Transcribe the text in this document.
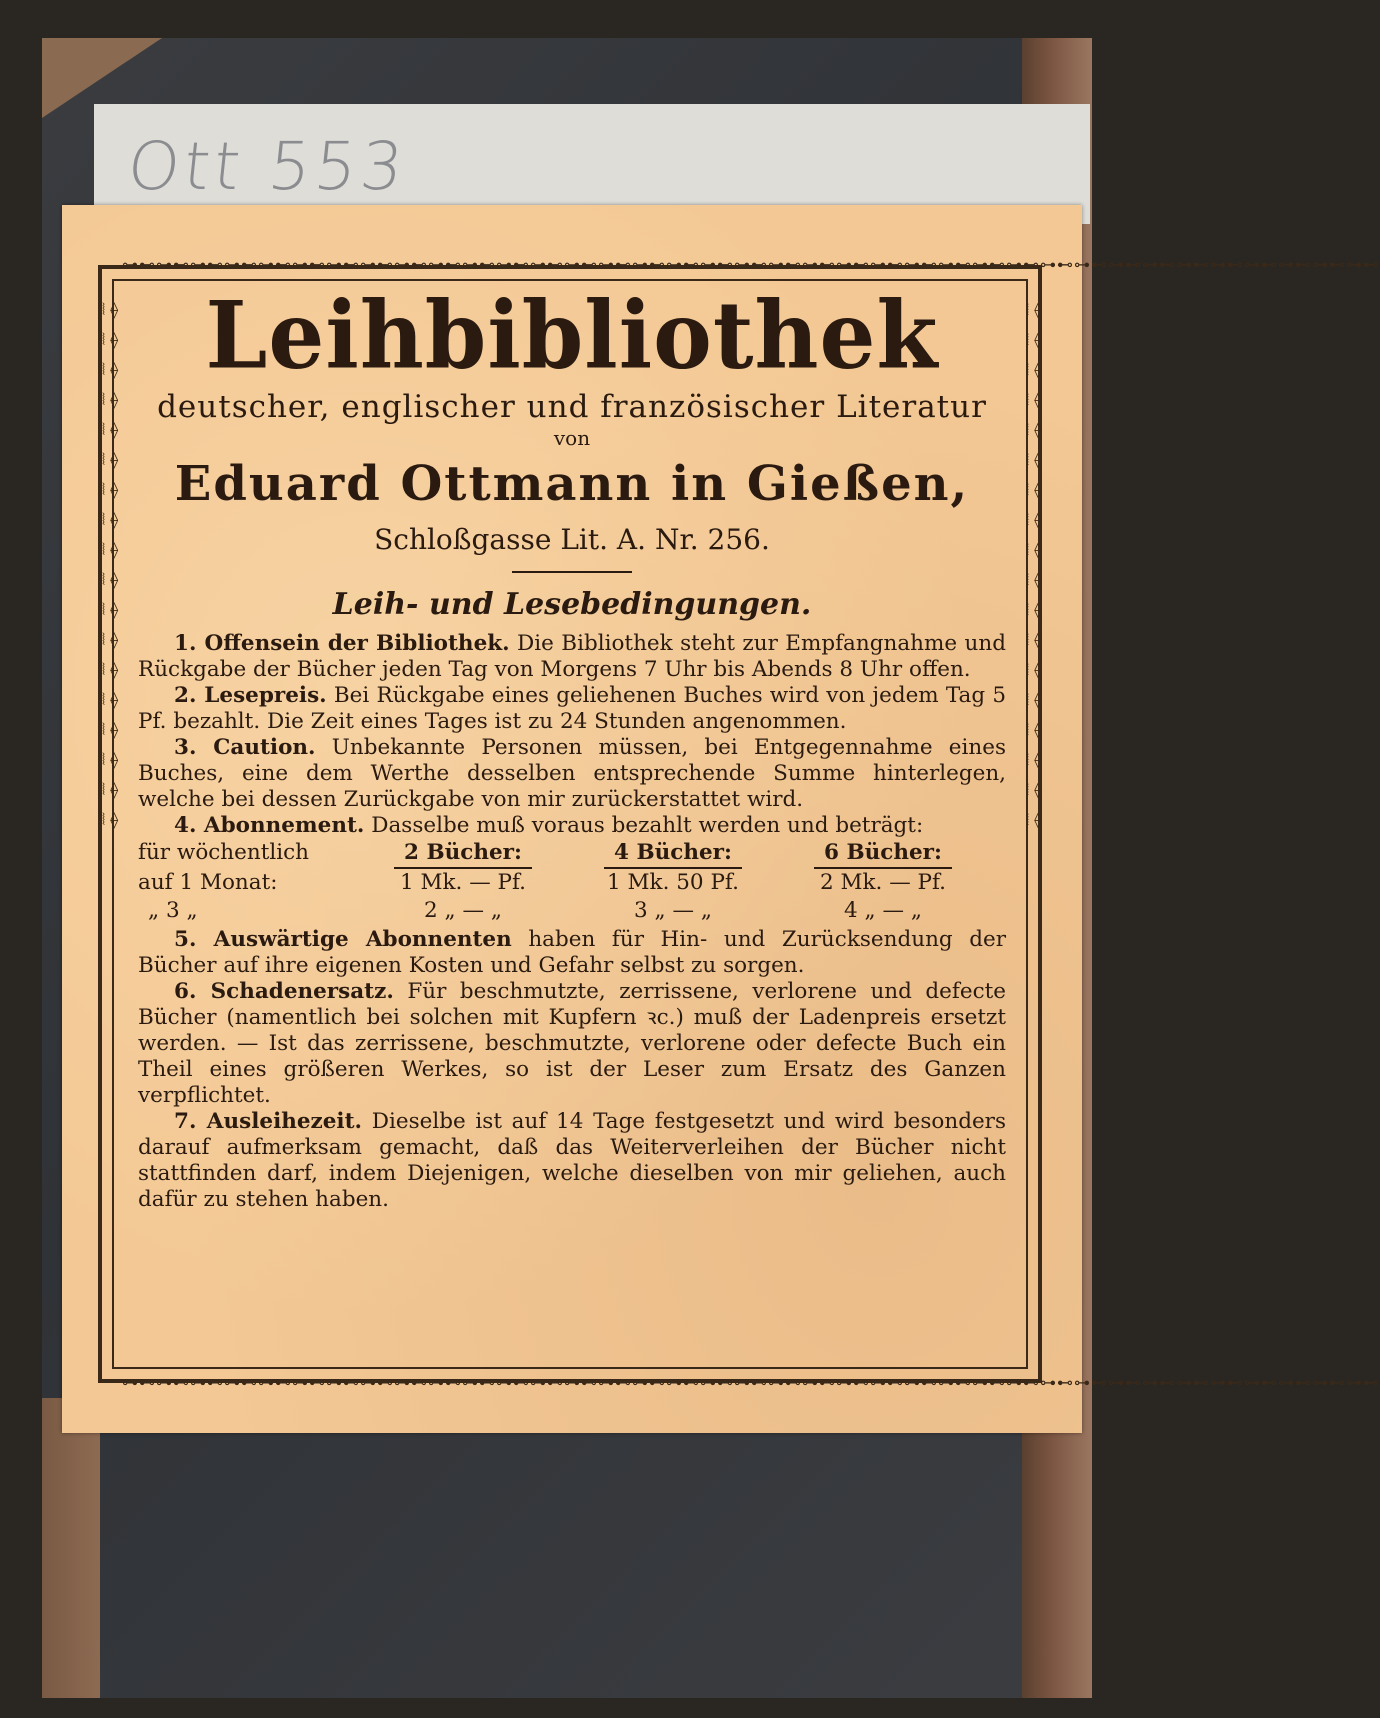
Ott 553
⊶⊷⊶⊷⊶⊷⊶⊷⊶⊷⊶⊷⊶⊷⊶⊷⊶⊷⊶⊷⊶⊷⊶⊷⊶⊷⊶⊷⊶⊷⊶⊷⊶⊷⊶⊷⊶⊷⊶⊷⊶⊷⊶⊷⊶⊷⊶⊷⊶⊷⊶⊷⊶⊷⊶⊷⊶⊷⊶⊷⊶⊷⊶⊷⊶⊷⊶⊷⊶⊷⊶⊷⊶⊷
⊶⊷⊶⊷⊶⊷⊶⊷⊶⊷⊶⊷⊶⊷⊶⊷⊶⊷⊶⊷⊶⊷⊶⊷⊶⊷⊶⊷⊶⊷⊶⊷⊶⊷⊶⊷⊶⊷⊶⊷⊶⊷⊶⊷⊶⊷⊶⊷⊶⊷⊶⊷⊶⊷⊶⊷⊶⊷⊶⊷⊶⊷⊶⊷⊶⊷⊶⊷⊶⊷⊶⊷⊶⊷
⦚ ⟠ ⦚ ⟠ ⦚ ⟠ ⦚ ⟠ ⦚ ⟠ ⦚ ⟠ ⦚ ⟠ ⦚ ⟠ ⦚ ⟠ ⦚ ⟠ ⦚ ⟠ ⦚ ⟠ ⦚ ⟠ ⦚ ⟠ ⦚ ⟠ ⦚ ⟠ ⦚ ⟠ ⦚ ⟠
⦚ ⟠ ⦚ ⟠ ⦚ ⟠ ⦚ ⟠ ⦚ ⟠ ⦚ ⟠ ⦚ ⟠ ⦚ ⟠ ⦚ ⟠ ⦚ ⟠ ⦚ ⟠ ⦚ ⟠ ⦚ ⟠ ⦚ ⟠ ⦚ ⟠ ⦚ ⟠ ⦚ ⟠ ⦚ ⟠
Leihbibliothek
deutscher, englischer und französischer Literatur
von
Eduard Ottmann in Gießen,
Schloßgasse Lit. A. Nr. 256.
Leih- und Lesebedingungen.

1. Offensein der Bibliothek. Die Bibliothek steht zur Empfangnahme und Rückgabe der Bücher jeden Tag von Morgens 7 Uhr bis Abends 8 Uhr offen.

2. Lesepreis. Bei Rückgabe eines geliehenen Buches wird von jedem Tag 5 Pf. bezahlt. Die Zeit eines Tages ist zu 24 Stunden angenommen.

3. Caution. Unbekannte Personen müssen, bei Entgegennahme eines Buches, eine dem Werthe desselben entsprechende Summe hinterlegen, welche bei dessen Zurückgabe von mir zurückerstattet wird.

4. Abonnement. Dasselbe muß voraus bezahlt werden und beträgt:

für wöchentlich	2 Bücher:	4 Bücher:	6 Bücher:
auf 1 Monat:	1 Mk. — Pf.	1 Mk. 50 Pf.	2 Mk. — Pf.
„ 3 „	2 „ — „	3 „ — „	4 „ — „

5. Auswärtige Abonnenten haben für Hin- und Zurücksendung der Bücher auf ihre eigenen Kosten und Gefahr selbst zu sorgen.

6. Schadenersatz. Für beschmutzte, zerrissene, verlorene und defecte Bücher (namentlich bei solchen mit Kupfern ꝛc.) muß der Ladenpreis ersetzt werden. — Ist das zerrissene, beschmutzte, verlorene oder defecte Buch ein Theil eines größeren Werkes, so ist der Leser zum Ersatz des Ganzen verpflichtet.

7. Ausleihezeit. Dieselbe ist auf 14 Tage festgesetzt und wird besonders darauf aufmerksam gemacht, daß das Weiterverleihen der Bücher nicht stattfinden darf, indem Diejenigen, welche dieselben von mir geliehen, auch dafür zu stehen haben.
